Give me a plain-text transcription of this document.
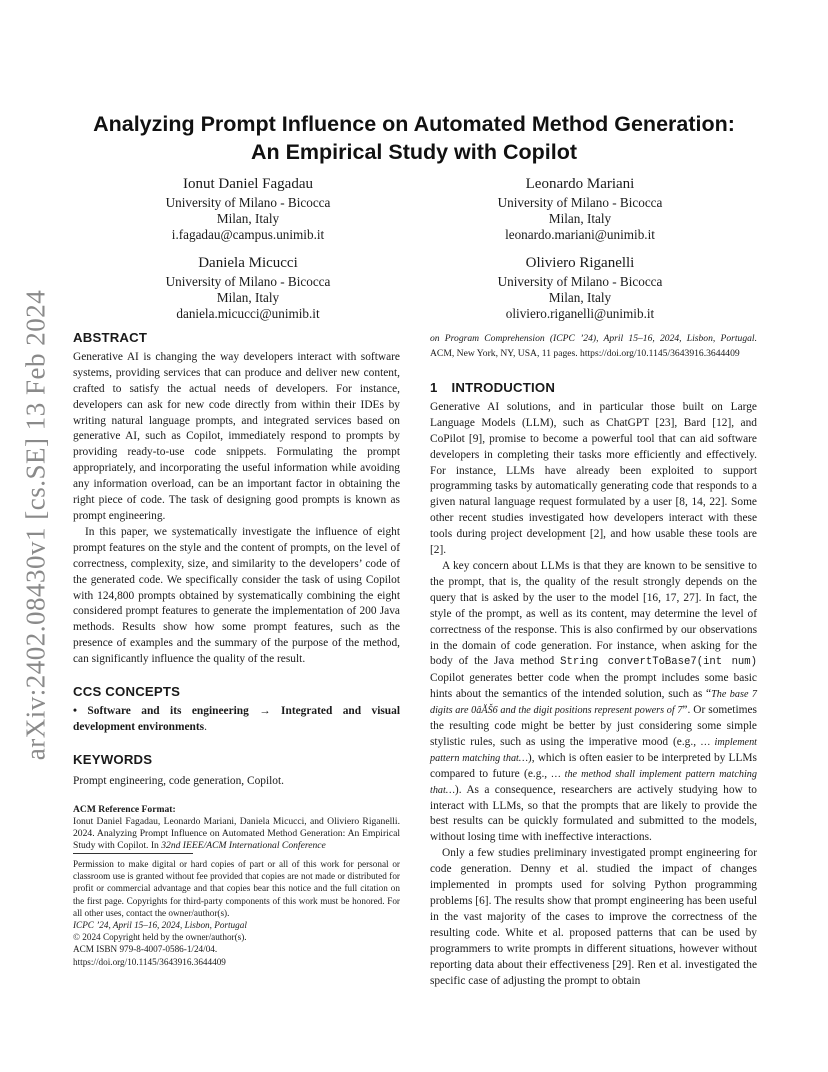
arXiv:2402.08430v1 [cs.SE] 13 Feb 2024
Analyzing Prompt Influence on Automated Method Generation:
An Empirical Study with Copilot
Ionut Daniel Fagadau
University of Milano - Bicocca
Milan, Italy
i.fagadau@campus.unimib.it
Leonardo Mariani
University of Milano - Bicocca
Milan, Italy
leonardo.mariani@unimib.it
Daniela Micucci
University of Milano - Bicocca
Milan, Italy
daniela.micucci@unimib.it
Oliviero Riganelli
University of Milano - Bicocca
Milan, Italy
oliviero.riganelli@unimib.it
ABSTRACT

Generative AI is changing the way developers interact with software systems, providing services that can produce and deliver new content, crafted to satisfy the actual needs of developers. For instance, developers can ask for new code directly from within their IDEs by writing natural language prompts, and integrated services based on generative AI, such as Copilot, immediately respond to prompts by providing ready-to-use code snippets. Formulating the prompt appropriately, and incorporating the useful information while avoiding any information overload, can be an important factor in obtaining the right piece of code. The task of designing good prompts is known as prompt engineering.

In this paper, we systematically investigate the influence of eight prompt features on the style and the content of prompts, on the level of correctness, complexity, size, and similarity to the developers’ code of the generated code. We specifically consider the task of using Copilot with 124,800 prompts obtained by systematically combining the eight considered prompt features to generate the implementation of 200 Java methods. Results show how some prompt features, such as the presence of examples and the summary of the purpose of the method, can significantly influence the quality of the result.

CCS CONCEPTS

• Software and its engineering → Integrated and visual development environments.

KEYWORDS

Prompt engineering, code generation, Copilot.

ACM Reference Format:

Ionut Daniel Fagadau, Leonardo Mariani, Daniela Micucci, and Oliviero Riganelli. 2024. Analyzing Prompt Influence on Automated Method Generation: An Empirical Study with Copilot. In 32nd IEEE/ACM International Conference

Permission to make digital or hard copies of part or all of this work for personal or classroom use is granted without fee provided that copies are not made or distributed for profit or commercial advantage and that copies bear this notice and the full citation on the first page. Copyrights for third-party components of this work must be honored. For all other uses, contact the owner/author(s).

ICPC ’24, April 15–16, 2024, Lisbon, Portugal

© 2024 Copyright held by the owner/author(s).

ACM ISBN 979-8-4007-0586-1/24/04.

https://doi.org/10.1145/3643916.3644409

1 INTRODUCTION

Generative AI solutions, and in particular those built on Large Language Models (LLM), such as ChatGPT [23], Bard [12], and CoPilot [9], promise to become a powerful tool that can aid software developers in completing their tasks more efficiently and effectively. For instance, LLMs have already been exploited to support programming tasks by automatically generating code that responds to a given natural language request formulated by a user [8, 14, 22]. Some other recent studies investigated how developers interact with these tools during project development [2], and how usable these tools are [2].

A key concern about LLMs is that they are known to be sensitive to the prompt, that is, the quality of the result strongly depends on the query that is asked by the user to the model [16, 17, 27]. In fact, the style of the prompt, as well as its content, may determine the level of correctness of the response. This is also confirmed by our observations in the domain of code generation. For instance, when asking for the body of the Java method String convertToBase7(int num) Copilot generates better code when the prompt includes some basic hints about the semantics of the intended solution, such as “The base 7 digits are 0âĂŠ6 and the digit positions represent powers of 7”. Or sometimes the resulting code might be better by just considering some simple stylistic rules, such as using the imperative mood (e.g., … implement pattern matching that…), which is often easier to be interpreted by LLMs compared to future (e.g., … the method shall implement pattern matching that…). As a consequence, researchers are actively studying how to interact with LLMs, so that the prompts that are likely to provide the best results can be quickly formulated and submitted to the models, without losing time with ineffective interactions.

Only a few studies preliminary investigated prompt engineering for code generation. Denny et al. studied the impact of changes implemented in prompts used for solving Python programming problems [6]. The results show that prompt engineering has been useful in the vast majority of the cases to improve the correctness of the resulting code. White et al. proposed patterns that can be used by programmers to write prompts in different situations, however without reporting data about their effectiveness [29]. Ren et al. investigated the specific case of adjusting the prompt to obtain

on Program Comprehension (ICPC ’24), April 15–16, 2024, Lisbon, Portugal. ACM, New York, NY, USA, 11 pages. https://doi.org/10.1145/3643916.3644409
